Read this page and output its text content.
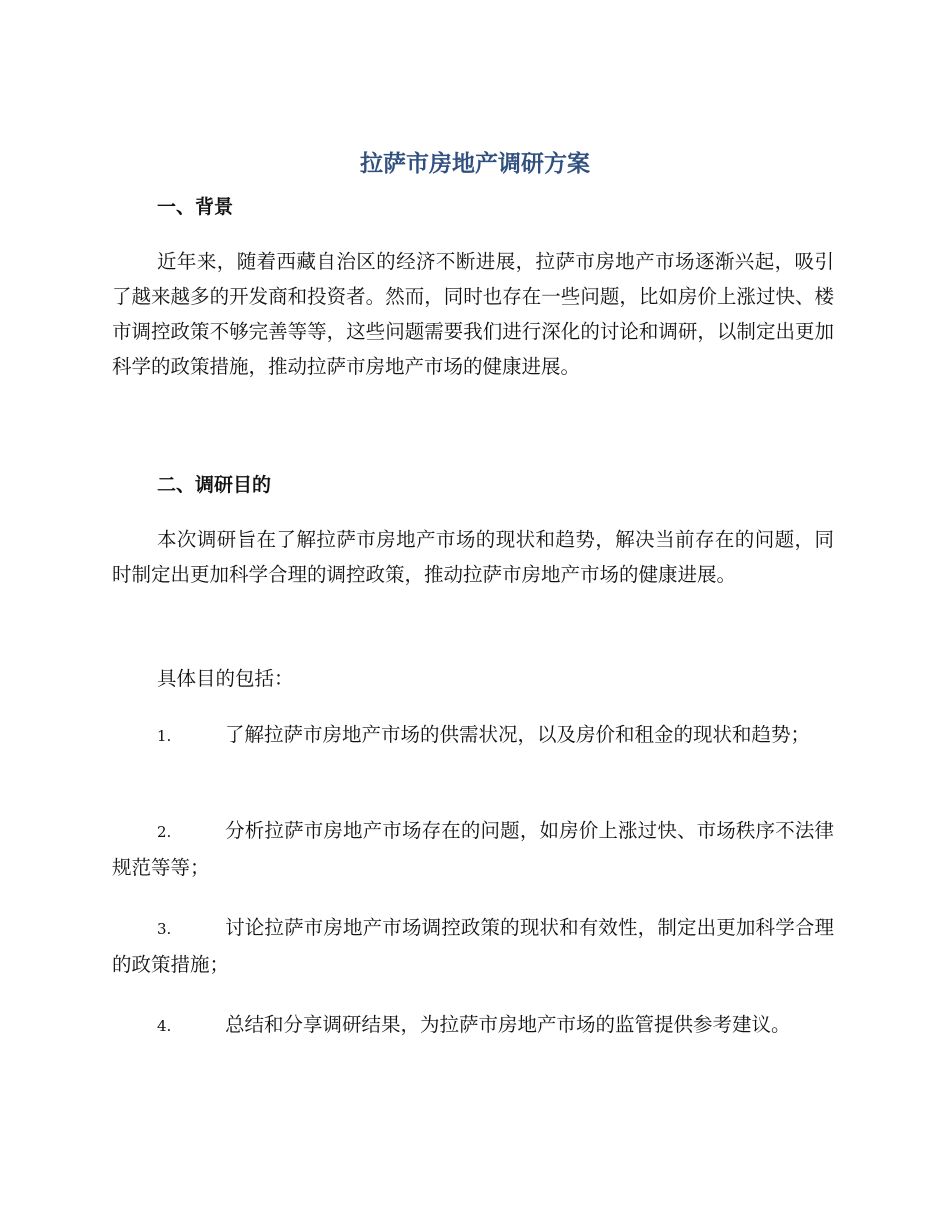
拉萨市房地产调研方案
一、背景

近年来，随着西藏自治区的经济不断进展，拉萨市房地产市场逐渐兴起，吸引了越来越多的开发商和投资者。然而，同时也存在一些问题，比如房价上涨过快、楼市调控政策不够完善等等，这些问题需要我们进行深化的讨论和调研，以制定出更加科学的政策措施，推动拉萨市房地产市场的健康进展。

二、调研目的

本次调研旨在了解拉萨市房地产市场的现状和趋势，解决当前存在的问题，同时制定出更加科学合理的调控政策，推动拉萨市房地产市场的健康进展。

具体目的包括：

1.	了解拉萨市房地产市场的供需状况，以及房价和租金的现状和趋势；

2.	分析拉萨市房地产市场存在的问题，如房价上涨过快、市场秩序不法律规范等等；

3.	讨论拉萨市房地产市场调控政策的现状和有效性，制定出更加科学合理的政策措施；

4.	总结和分享调研结果，为拉萨市房地产市场的监管提供参考建议。
